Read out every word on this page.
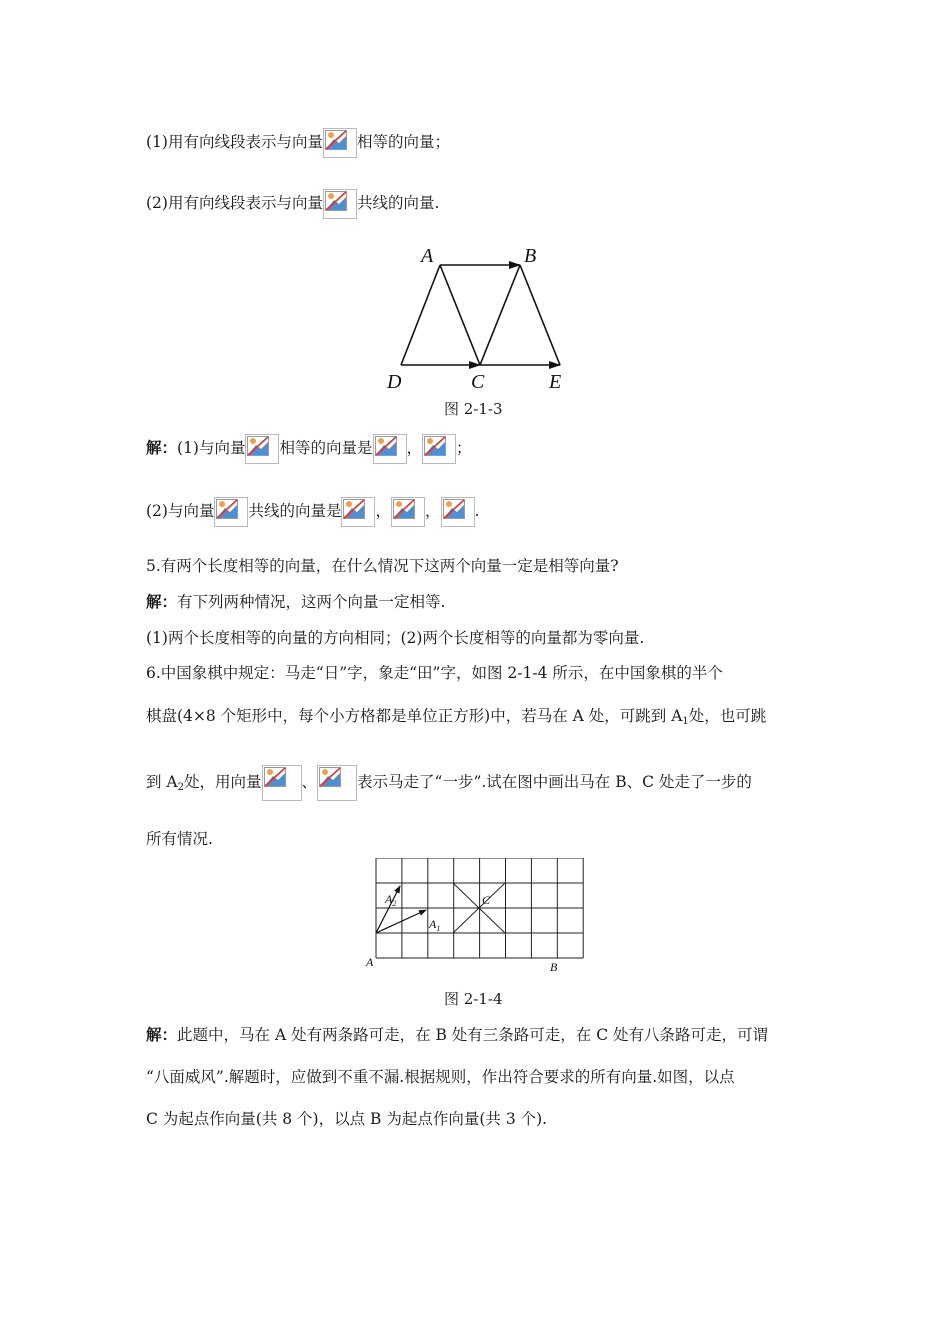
(1)用有向线段表示与向量 相等的向量；
(2)用有向线段表示与向量 共线的向量.
A	B
D	C	E
图 2-1-3
解：(1)与向量 相等的向量是 ， ；
(2)与向量 共线的向量是 ， ， .
5.有两个长度相等的向量，在什么情况下这两个向量一定是相等向量?
解：有下列两种情况，这两个向量一定相等.
(1)两个长度相等的向量的方向相同；(2)两个长度相等的向量都为零向量.
6.中国象棋中规定：马走“日”字，象走“田”字，如图 2-1-4 所示，在中国象棋的半个
棋盘(4×8 个矩形中，每个小方格都是单位正方形)中，若马在 A 处，可跳到 $A_1$处，也可跳
到 $A_2$处，用向量	、	表示马走了“一步”.试在图中画出马在 B、C 处走了一步的
所有情况.
A
$A_2$
$A_1$
C
B
图 2-1-4
解：此题中，马在 A 处有两条路可走，在 B 处有三条路可走，在 C 处有八条路可走，可谓
“八面威风”.解题时，应做到不重不漏.根据规则，作出符合要求的所有向量.如图，以点
C 为起点作向量(共 8 个)，以点 B 为起点作向量(共 3 个).
